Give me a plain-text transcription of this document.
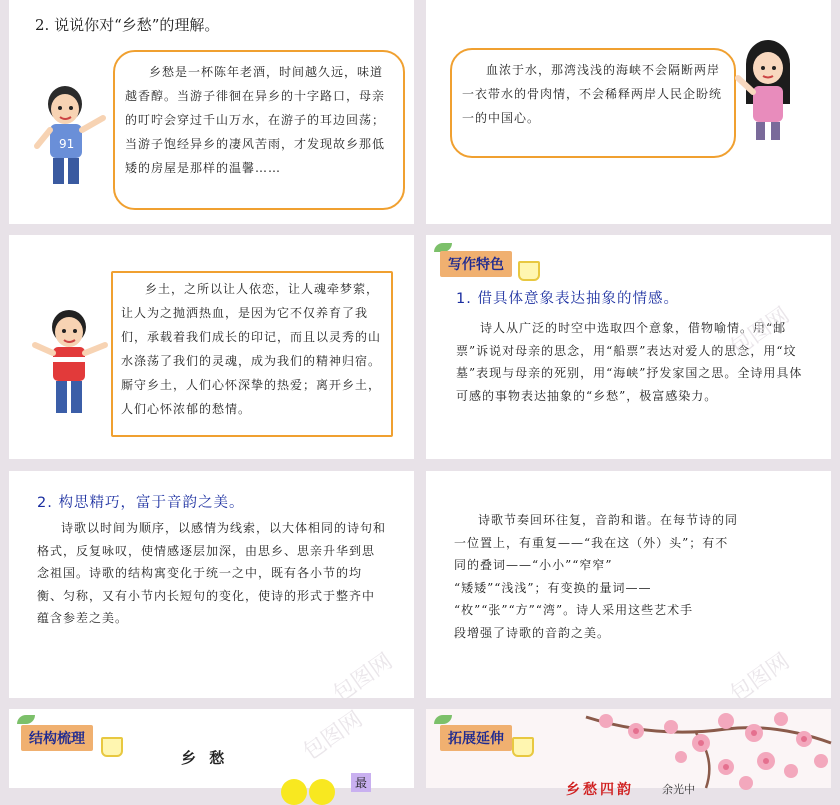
2. 说说你对“乡愁”的理解。
91
乡愁是一杯陈年老酒，时间越久远，味道越香醇。当游子徘徊在异乡的十字路口，母亲的叮咛会穿过千山万水，在游子的耳边回荡；当游子饱经异乡的凄风苦雨，才发现故乡那低矮的房屋是那样的温馨……
血浓于水，那湾浅浅的海峡不会隔断两岸一衣带水的骨肉情，不会稀释两岸人民企盼统一的中国心。
乡土，之所以让人依恋，让人魂牵梦萦，让人为之抛洒热血，是因为它不仅养育了我们，承载着我们成长的印记，而且以灵秀的山水涤荡了我们的灵魂，成为我们的精神归宿。厮守乡土，人们心怀深挚的热爱；离开乡土，人们心怀浓郁的愁情。
写作特色
1. 借具体意象表达抽象的情感。
诗人从广泛的时空中选取四个意象，借物喻情。用“邮票”诉说对母亲的思念，用“船票”表达对爱人的思念，用“坟墓”表现与母亲的死别，用“海峡”抒发家国之思。全诗用具体可感的事物表达抽象的“乡愁”，极富感染力。
包图网
2. 构思精巧，富于音韵之美。
诗歌以时间为顺序，以感情为线索，以大体相同的诗句和格式，反复咏叹，使情感逐层加深，由思乡、思亲升华到思念祖国。诗歌的结构寓变化于统一之中，既有各小节的均衡、匀称，又有小节内长短句的变化，使诗的形式于整齐中蕴含参差之美。
包图网
诗歌节奏回环往复，音韵和谐。在每节诗的同
一位置上，有重复——“我在这（外）头”；有不
同的叠词——“小小”“窄窄”
“矮矮”“浅浅”；有变换的量词——
“枚”“张”“方”“湾”。诗人采用这些艺术手
段增强了诗歌的音韵之美。
包图网
结构梳理
乡 愁
最
包图网	拓展延伸
乡愁四韵	余光中
